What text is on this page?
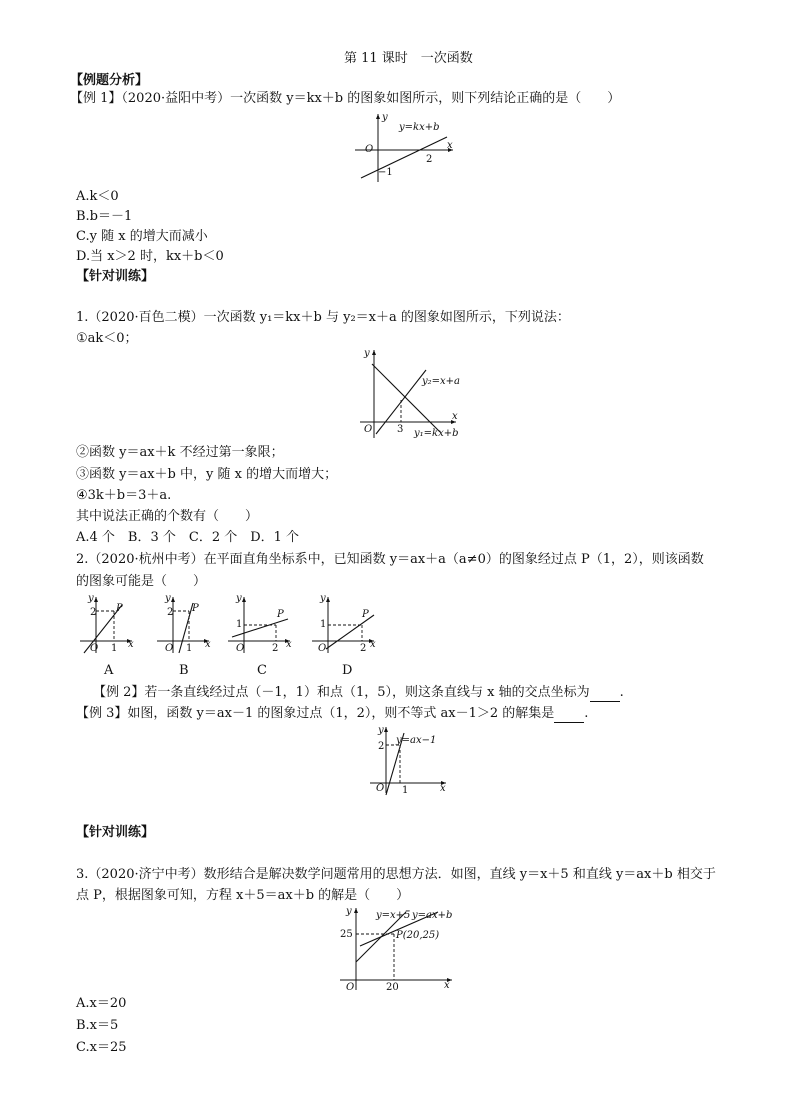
第 11 课时　一次函数
【例题分析】
【例 1】（2020·益阳中考）一次函数 y＝kx＋b 的图象如图所示，则下列结论正确的是（　　）
y=kx+b
x
y
O
2
−1
A.k＜0
B.b＝－1
C.y 随 x 的增大而减小
D.当 x＞2 时，kx＋b＜0
【针对训练】
1.（2020·百色二模）一次函数 y₁＝kx＋b 与 y₂＝x＋a 的图象如图所示，下列说法：
①ak＜0；
y₂=x+a
y₁=kx+b
x
y
O 3
②函数 y＝ax＋k 不经过第一象限；
③函数 y＝ax＋b 中，y 随 x 的增大而增大；
④3k＋b＝3＋a.
其中说法正确的个数有（　　）
A.4 个　B．3 个　C．2 个　D．1 个
2.（2020·杭州中考）在平面直角坐标系中，已知函数 y＝ax＋a（a≠0）的图象经过点 P（1，2），则该函数
的图象可能是（　　）
y
2 P
O 1 x
y
2 P
O 1 x
y
1
P
O	2 x
y
1
P
O	2 x
A	B	C	D
【例 2】若一条直线经过点（－1，1）和点（1，5），则这条直线与 x 轴的交点坐标为 .
【例 3】如图，函数 y＝ax－1 的图象过点（1，2），则不等式 ax－1＞2 的解集是 .
y=ax−1
y
2
O 1	x
【针对训练】
3.（2020·济宁中考）数形结合是解决数学问题常用的思想方法．如图，直线 y＝x＋5 和直线 y＝ax＋b 相交于
点 P，根据图象可知，方程 x＋5＝ax＋b 的解是（　　）
y=x+5 y=ax+b
P(20,25)
y
25
O	20	x
A.x＝20
B.x＝5
C.x＝25
